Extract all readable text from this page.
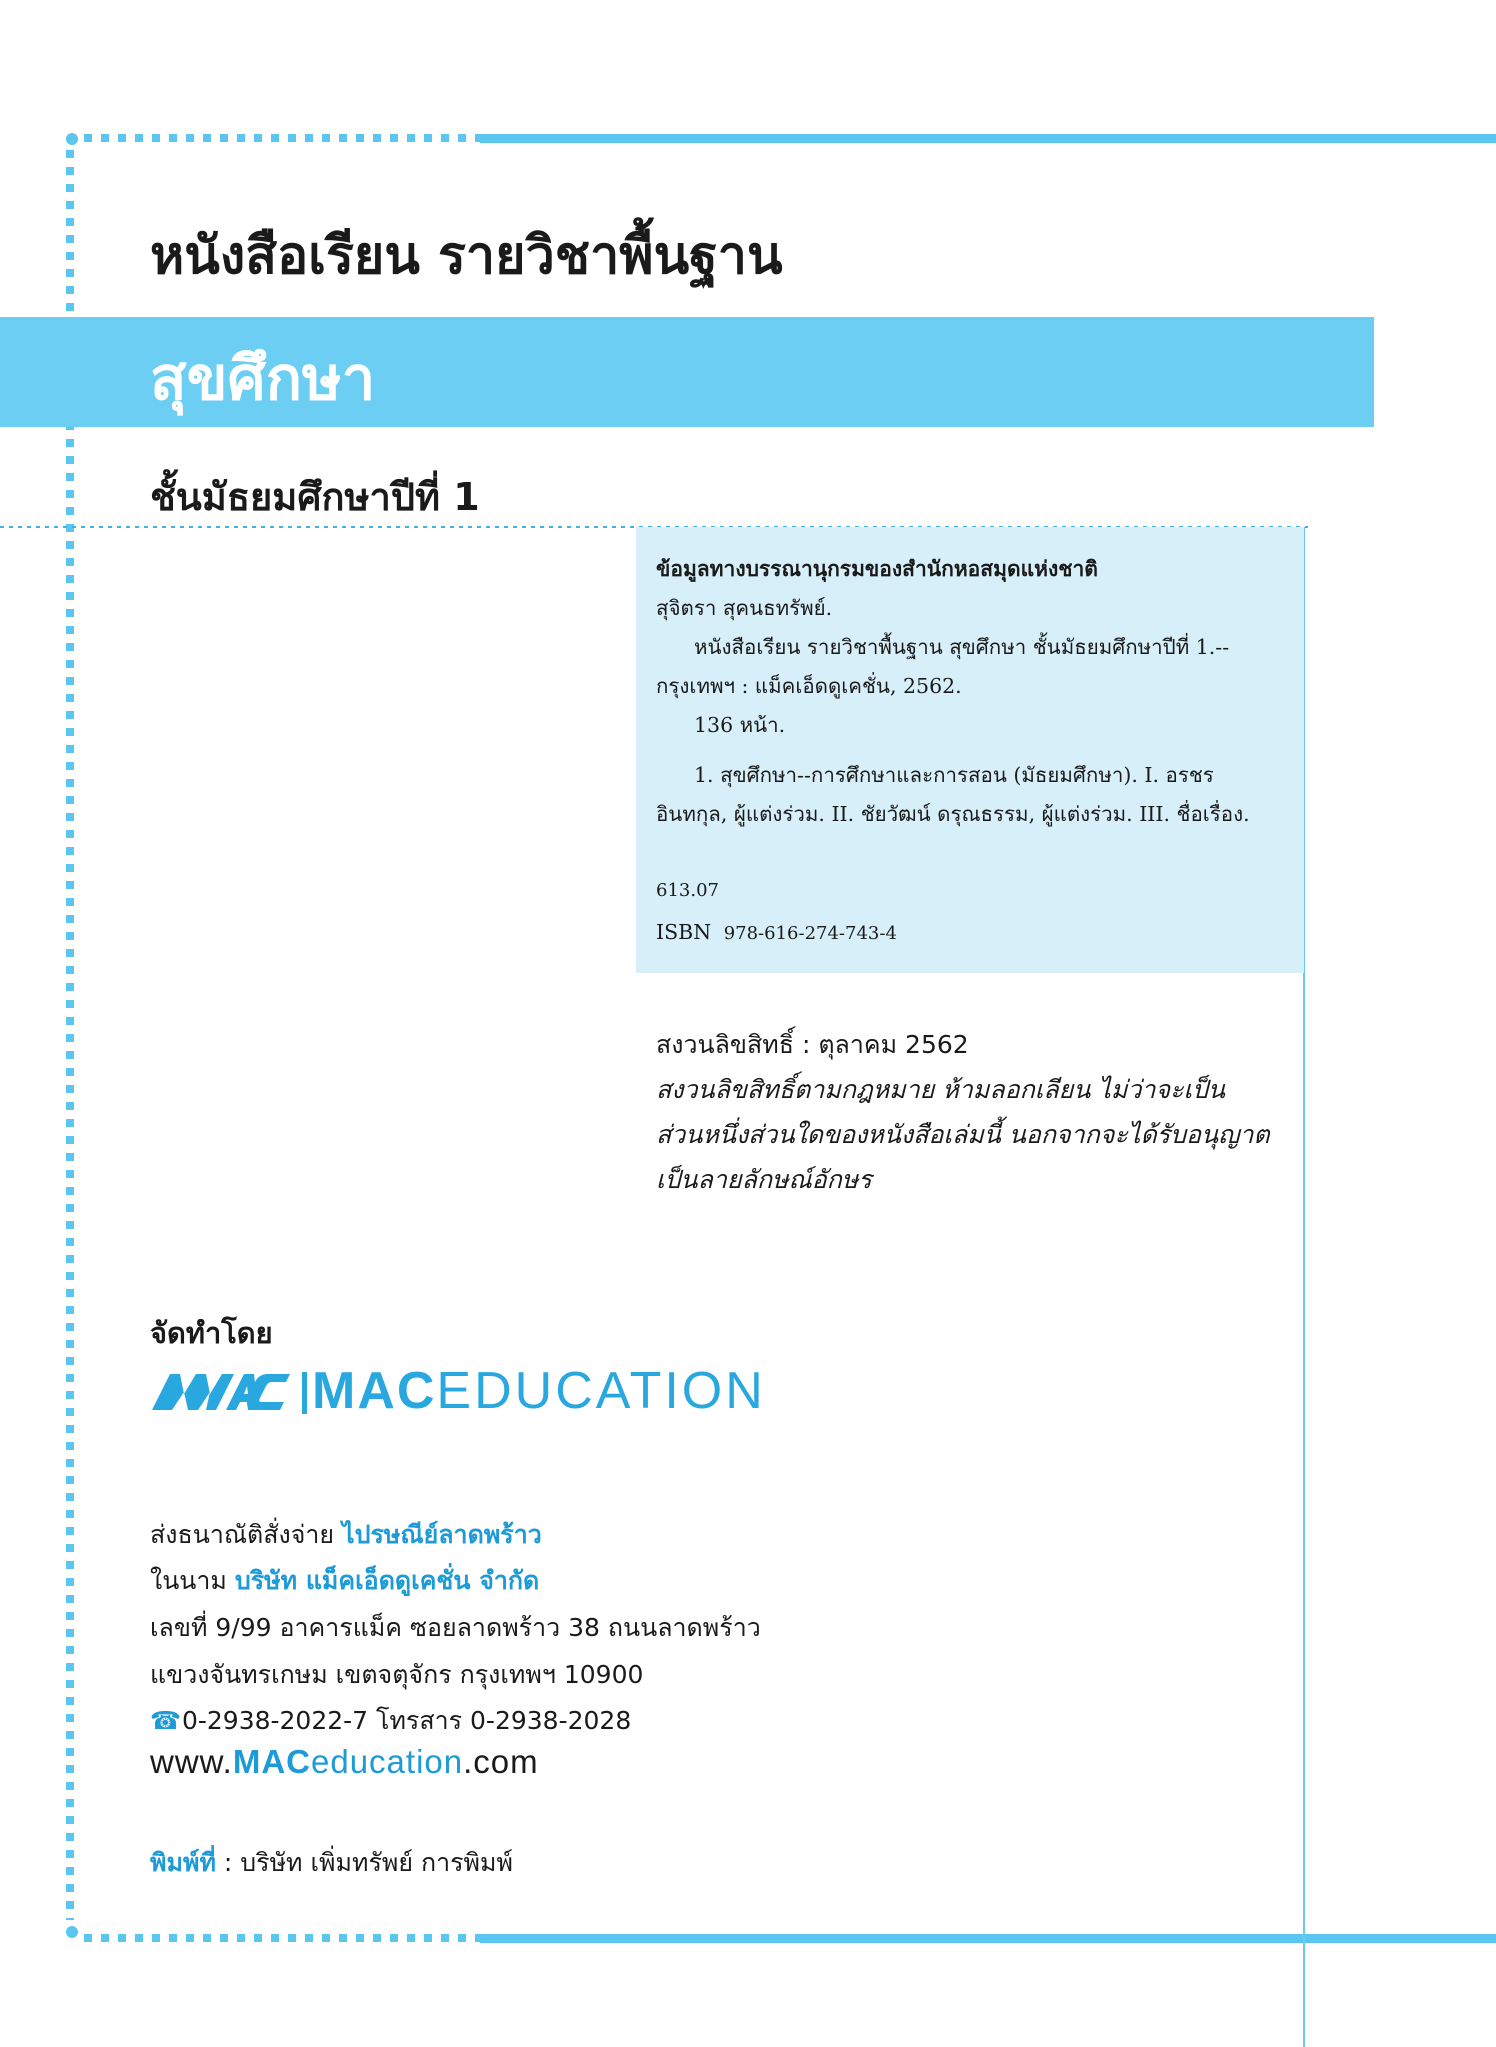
หนังสือเรียน รายวิชาพื้นฐาน
สุขศึกษา
ชั้นมัธยมศึกษาปีที่ 1
ข้อมูลทางบรรณานุกรมของสำนักหอสมุดแห่งชาติ
สุจิตรา สุคนธทรัพย์.
หนังสือเรียน รายวิชาพื้นฐาน สุขศึกษา ชั้นมัธยมศึกษาปีที่ 1.--
กรุงเทพฯ : แม็คเอ็ดดูเคชั่น, 2562.
136 หน้า.
1. สุขศึกษา--การศึกษาและการสอน (มัธยมศึกษา). I. อรชร
อินทกุล, ผู้แต่งร่วม. II. ชัยวัฒน์ ดรุณธรรม, ผู้แต่งร่วม. III. ชื่อเรื่อง.
613.07
ISBN 978-616-274-743-4
สงวนลิขสิทธิ์ : ตุลาคม 2562
สงวนลิขสิทธิ์ตามกฎหมาย ห้ามลอกเลียน ไม่ว่าจะเป็น
ส่วนหนึ่งส่วนใดของหนังสือเล่มนี้ นอกจากจะได้รับอนุญาต
เป็นลายลักษณ์อักษร
จัดทำโดย
MACEDUCATION
ส่งธนาณัติสั่งจ่าย ไปรษณีย์ลาดพร้าว
ในนาม บริษัท แม็คเอ็ดดูเคชั่น จำกัด
เลขที่ 9/99 อาคารแม็ค ซอยลาดพร้าว 38 ถนนลาดพร้าว
แขวงจันทรเกษม เขตจตุจักร กรุงเทพฯ 10900
☎ 0-2938-2022-7 โทรสาร 0-2938-2028
www.MACeducation.com
พิมพ์ที่ : บริษัท เพิ่มทรัพย์ การพิมพ์
